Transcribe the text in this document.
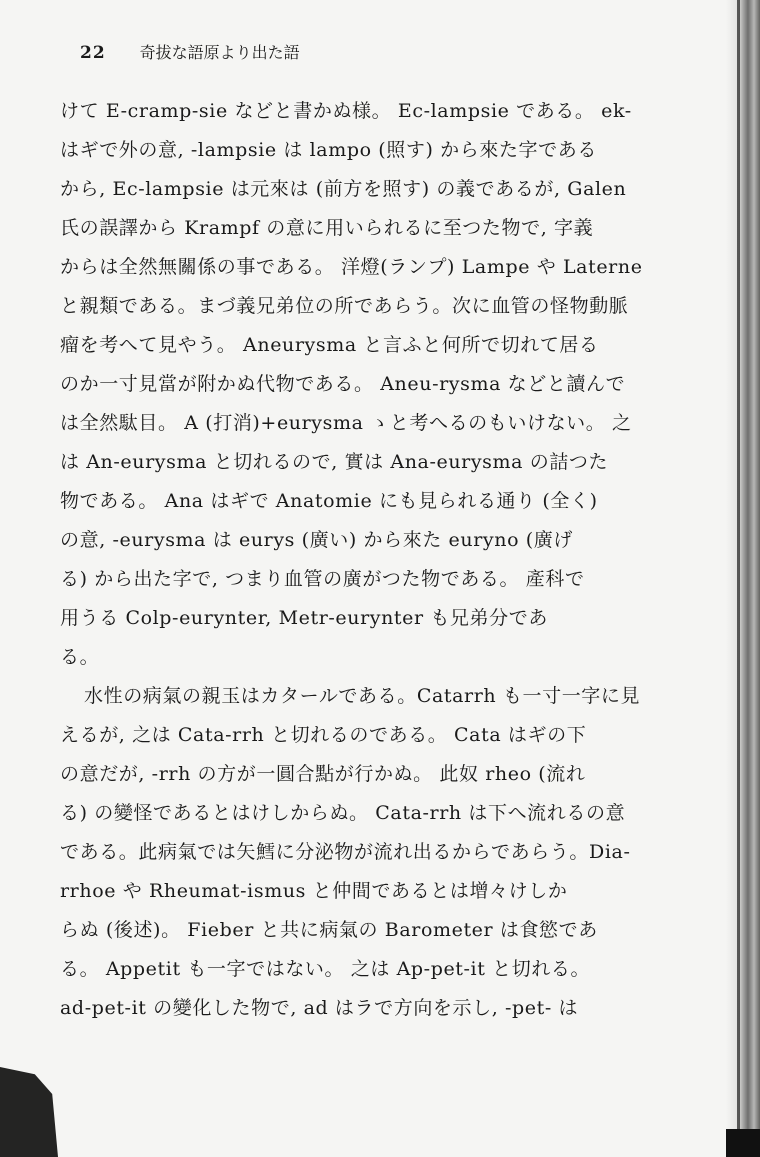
22 奇拔な語原より出た語
けて E-cramp-sie などと書かぬ様。 Ec-lampsie である。 ek-
はギで外の意, -lampsie は lampo (照す) から來た字である
から, Ec-lampsie は元來は (前方を照す) の義であるが, Galen
氏の誤譯から Krampf の意に用いられるに至つた物で, 字義
からは全然無關係の事である。 洋燈(ランプ) Lampe や Laterne
と親類である。まづ義兄弟位の所であらう。次に血管の怪物動脈
瘤を考へて見やう。 Aneurysma と言ふと何所で切れて居る
のか一寸見當が附かぬ代物である。 Aneu-rysma などと讀んで
は全然駄目。 A (打消)+eurysma ゝと考へるのもいけない。 之
は An-eurysma と切れるので, 實は Ana-eurysma の詰つた
物である。 Ana はギで Anatomie にも見られる通り (全く)
の意, -eurysma は eurys (廣い) から來た euryno (廣げ
る) から出た字で, つまり血管の廣がつた物である。 產科で
用うる Colp-eurynter, Metr-eurynter も兄弟分であ
る。
水性の病氣の親玉はカタールである。Catarrh も一寸一字に見
えるが, 之は Cata-rrh と切れるのである。 Cata はギの下
の意だが, -rrh の方が一圓合點が行かぬ。 此奴 rheo (流れ
る) の變怪であるとはけしからぬ。 Cata-rrh は下へ流れるの意
である。此病氣では矢鱈に分泌物が流れ出るからであらう。Dia-
rrhoe や Rheumat-ismus と仲間であるとは增々けしか
らぬ (後述)。 Fieber と共に病氣の Barometer は食慾であ
る。 Appetit も一字ではない。 之は Ap-pet-it と切れる。
ad-pet-it の變化した物で, ad はラで方向を示し, -pet- は
